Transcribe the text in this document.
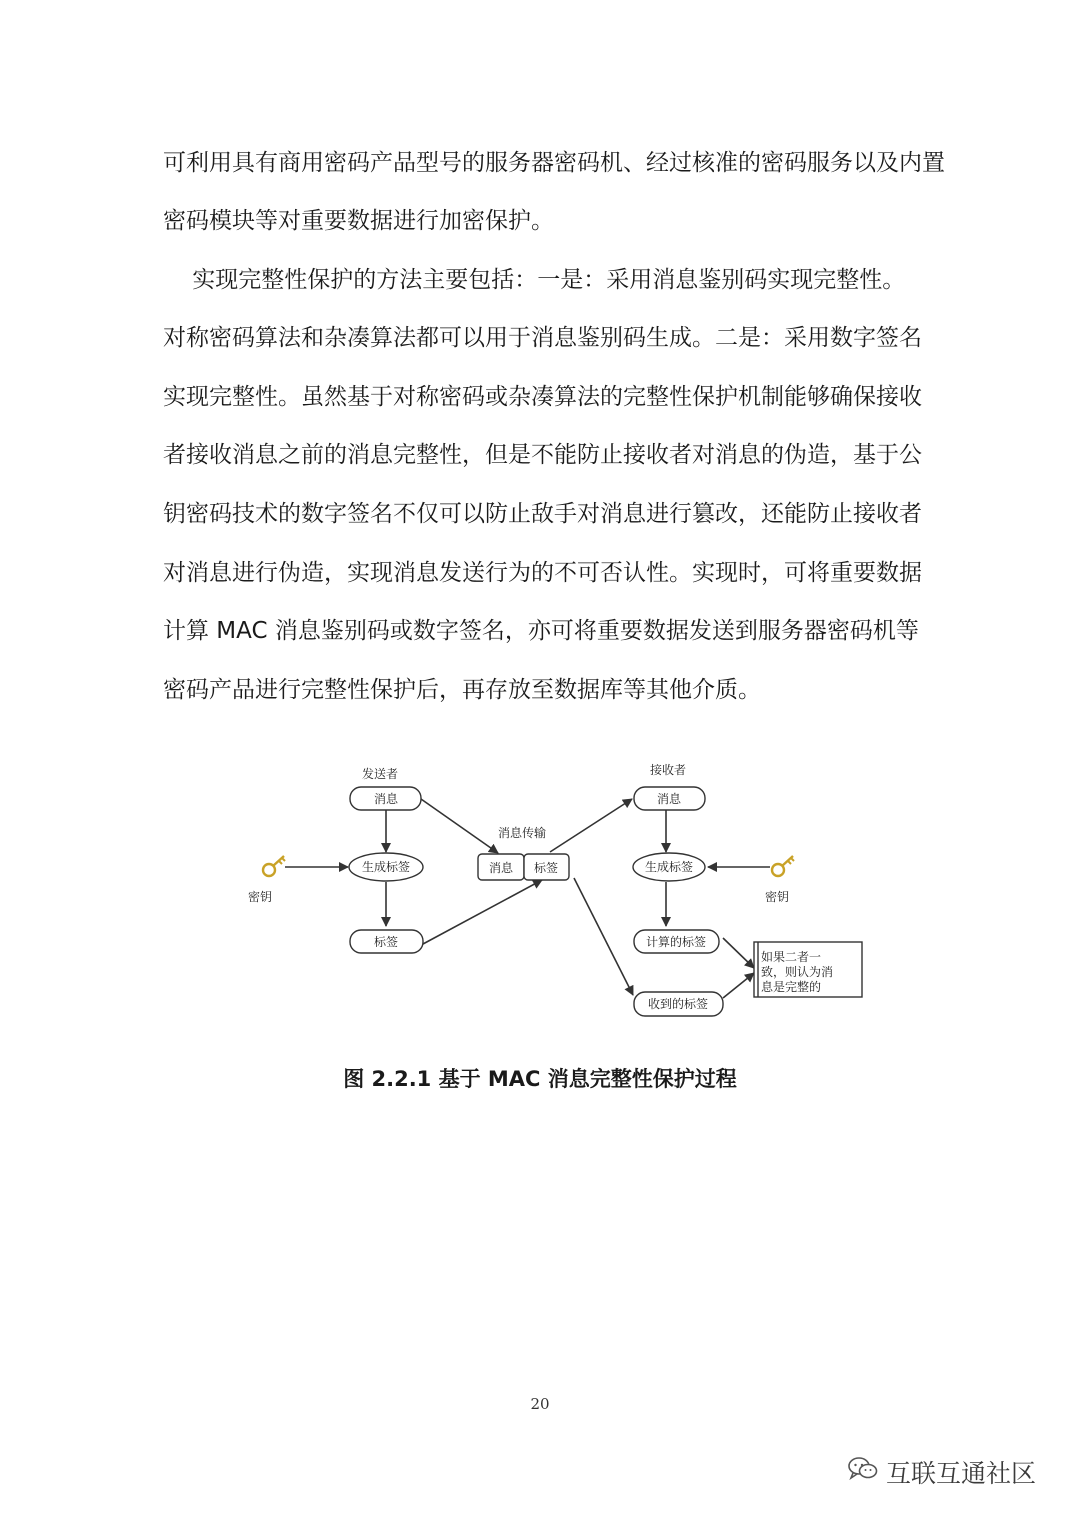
可利用具有商用密码产品型号的服务器密码机、经过核准的密码服务以及内置
密码模块等对重要数据进行加密保护。
实现完整性保护的方法主要包括：一是：采用消息鉴别码实现完整性。
对称密码算法和杂凑算法都可以用于消息鉴别码生成。二是：采用数字签名
实现完整性。虽然基于对称密码或杂凑算法的完整性保护机制能够确保接收
者接收消息之前的消息完整性，但是不能防止接收者对消息的伪造，基于公
钥密码技术的数字签名不仅可以防止敌手对消息进行篡改，还能防止接收者
对消息进行伪造，实现消息发送行为的不可否认性。实现时，可将重要数据
计算 MAC 消息鉴别码或数字签名，亦可将重要数据发送到服务器密码机等
密码产品进行完整性保护后，再存放至数据库等其他介质。
发送者	接收者
消息传输
消息
生成标签
标签
密钥
消息 标签
消息
生成标签
计算的标签
收到的标签
密钥
如果二者一
致，则认为消
息是完整的
图 2.2.1 基于 MAC 消息完整性保护过程
20
互联互通社区
